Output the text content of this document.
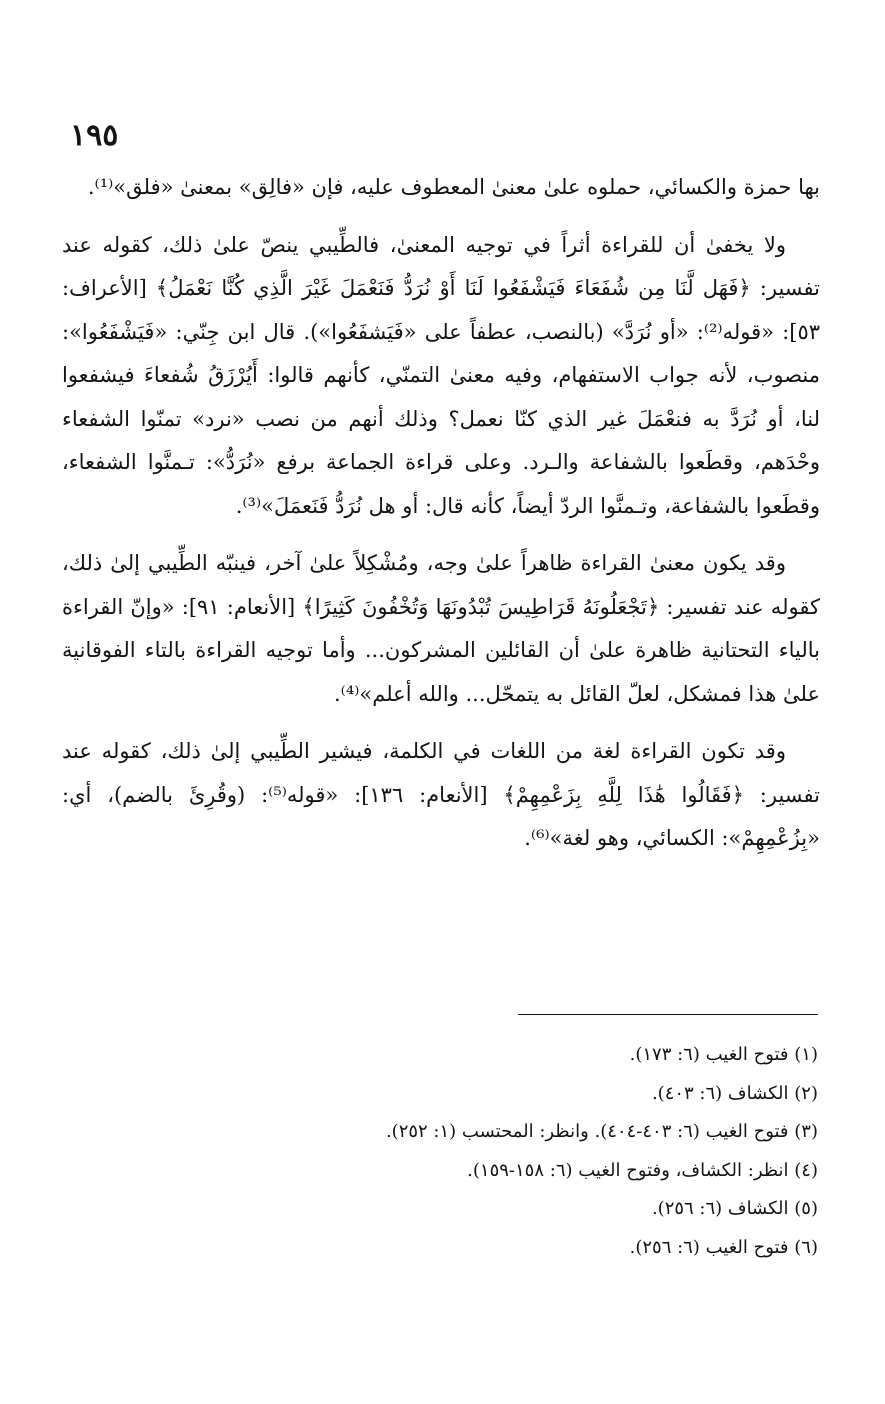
١٩٥

بها حمزة والكسائي، حملوه علىٰ معنىٰ المعطوف عليه، فإن «فالِق» بمعنىٰ «فلق»⁽¹⁾.

ولا يخفىٰ أن للقراءة أثراً في توجيه المعنىٰ، فالطِّيبي ينصّ علىٰ ذلك، كقوله عند تفسير: ﴿فَهَل لَّنَا مِن شُفَعَاءَ فَيَشْفَعُوا لَنَا أَوْ نُرَدُّ فَنَعْمَلَ غَيْرَ الَّذِي كُنَّا نَعْمَلُ﴾ [الأعراف: ٥٣]: «قوله⁽²⁾: «أو نُرَدَّ» (بالنصب، عطفاً على «فَيَشفَعُوا»). قال ابن جِنّي: «فَيَشْفَعُوا»: منصوب، لأنه جواب الاستفهام، وفيه معنىٰ التمنّي، كأنهم قالوا: أَيُرْزَقُ شُفعاءَ فيشفعوا لنا، أو نُرَدَّ به فنعْمَلَ غير الذي كنّا نعمل؟ وذلك أنهم من نصب «نرد» تمنّوا الشفعاء وحْدَهم، وقطَعوا بالشفاعة والـرد. وعلى قراءة الجماعة برفع «نُرَدُّ»: تـمنَّوا الشفعاء، وقطَعوا بالشفاعة، وتـمنَّوا الردّ أيضاً، كأنه قال: أو هل نُرَدُّ فَنَعمَلَ»⁽³⁾.

وقد يكون معنىٰ القراءة ظاهراً علىٰ وجه، ومُشْكِلاً علىٰ آخر، فينبّه الطِّيبي إلىٰ ذلك، كقوله عند تفسير: ﴿تَجْعَلُونَهُ قَرَاطِيسَ تُبْدُونَهَا وَتُخْفُونَ كَثِيرًا﴾ [الأنعام: ٩١]: «وإنّ القراءة بالياء التحتانية ظاهرة علىٰ أن القائلين المشركون... وأما توجيه القراءة بالتاء الفوقانية علىٰ هذا فمشكل، لعلّ القائل به يتمحّل... والله أعلم»⁽⁴⁾.

وقد تكون القراءة لغة من اللغات في الكلمة، فيشير الطِّيبي إلىٰ ذلك، كقوله عند تفسير: ﴿فَقَالُوا هَٰذَا لِلَّهِ بِزَعْمِهِمْ﴾ [الأنعام: ١٣٦]: «قوله⁽⁵⁾: (وقُرِئَ بالضم)، أي: «بِزُعْمِهِمْ»: الكسائي، وهو لغة»⁽⁶⁾.

(١) فتوح الغيب (٦: ١٧٣).

(٢) الكشاف (٦: ٤٠٣).

(٣) فتوح الغيب (٦: ٤٠٣-٤٠٤). وانظر: المحتسب (١: ٢٥٢).

(٤) انظر: الكشاف، وفتوح الغيب (٦: ١٥٨-١٥٩).

(٥) الكشاف (٦: ٢٥٦).

(٦) فتوح الغيب (٦: ٢٥٦).
